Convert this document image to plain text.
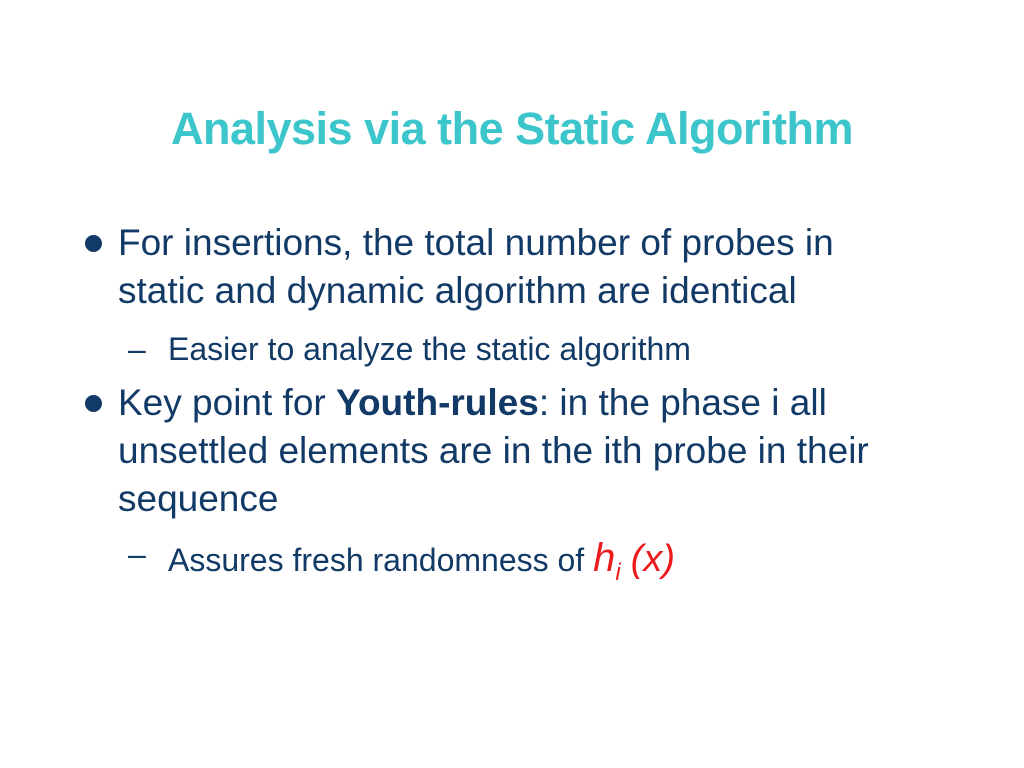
Analysis via the Static Algorithm
For insertions, the total number of probes in
static and dynamic algorithm are identical
– Easier to analyze the static algorithm
Key point for Youth-rules: in the phase i all
unsettled elements are in the ith probe in their
sequence
– Assures fresh randomness of $h_i$ (x)
